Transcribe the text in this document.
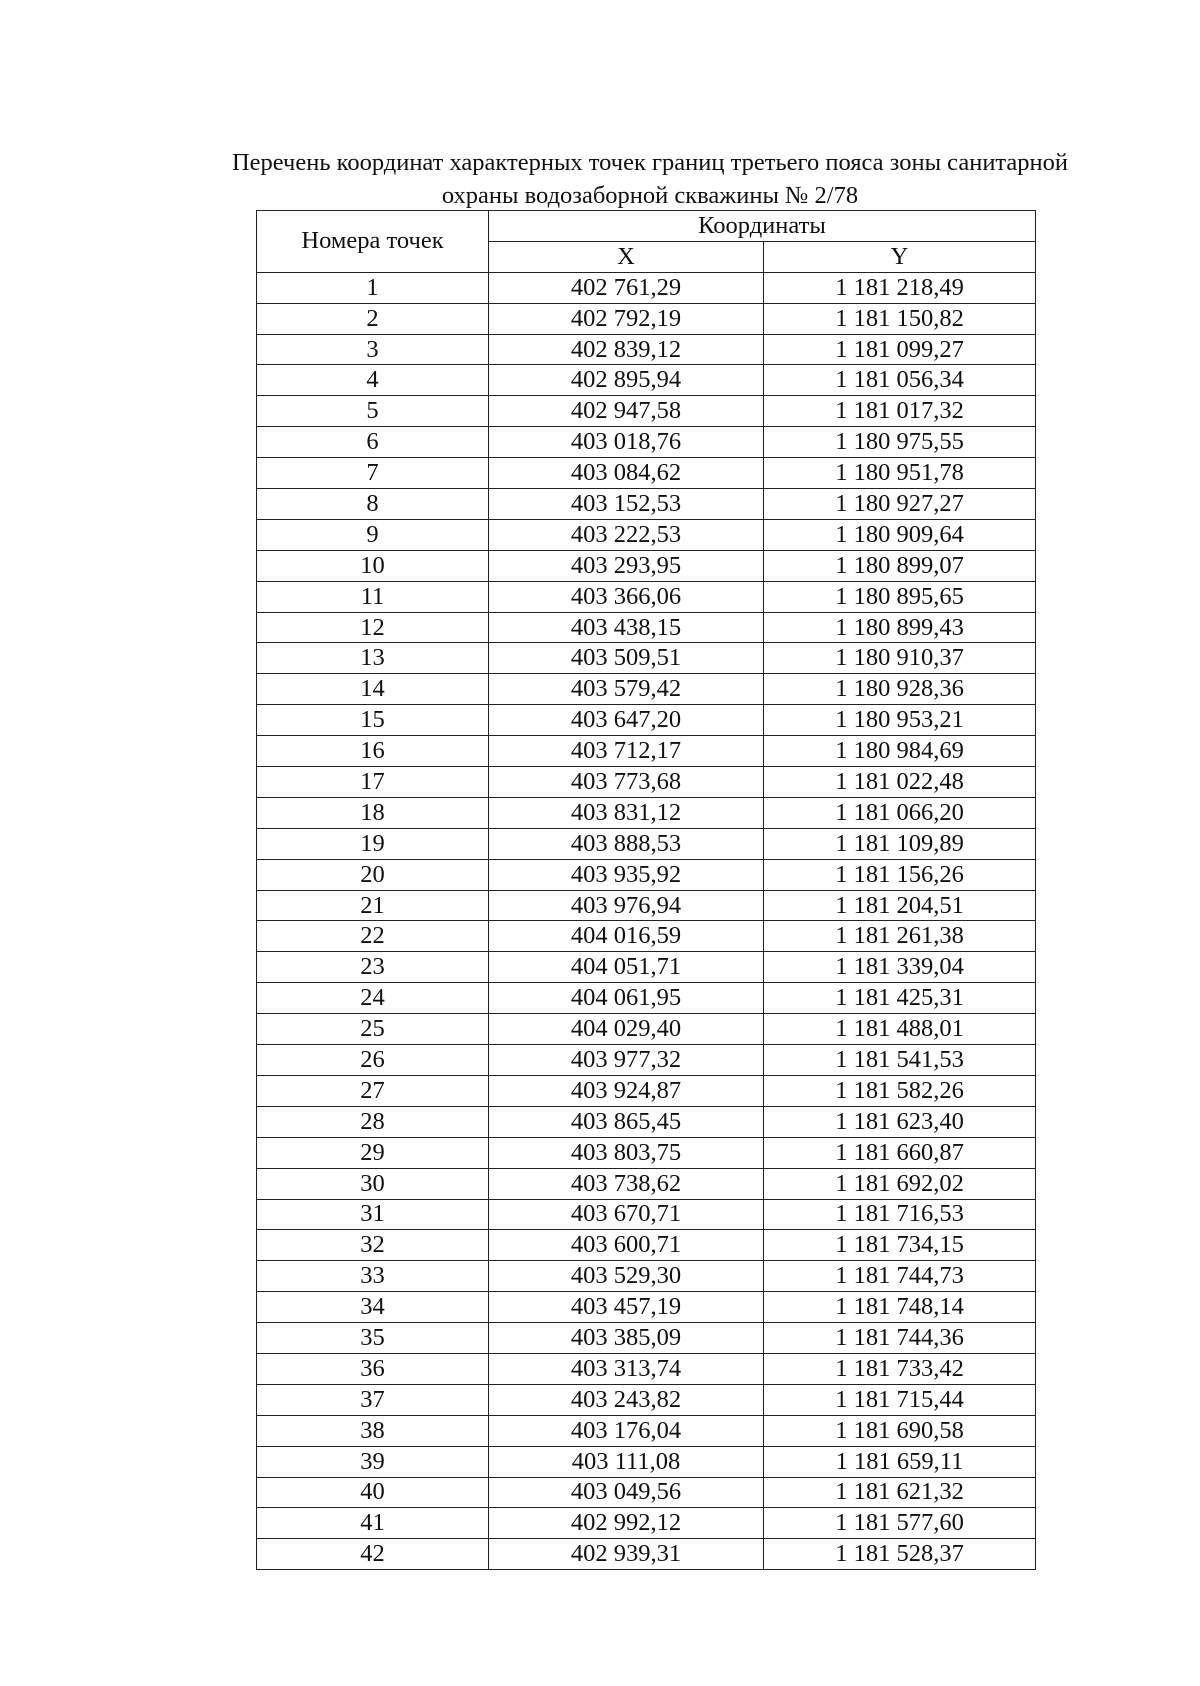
Перечень координат характерных точек границ третьего пояса зоны санитарной
охраны водозаборной скважины № 2/78
Номера точек	Координаты	
	X	Y
1	402 761,29	1 181 218,49
2	402 792,19	1 181 150,82
3	402 839,12	1 181 099,27
4	402 895,94	1 181 056,34
5	402 947,58	1 181 017,32
6	403 018,76	1 180 975,55
7	403 084,62	1 180 951,78
8	403 152,53	1 180 927,27
9	403 222,53	1 180 909,64
10	403 293,95	1 180 899,07
11	403 366,06	1 180 895,65
12	403 438,15	1 180 899,43
13	403 509,51	1 180 910,37
14	403 579,42	1 180 928,36
15	403 647,20	1 180 953,21
16	403 712,17	1 180 984,69
17	403 773,68	1 181 022,48
18	403 831,12	1 181 066,20
19	403 888,53	1 181 109,89
20	403 935,92	1 181 156,26
21	403 976,94	1 181 204,51
22	404 016,59	1 181 261,38
23	404 051,71	1 181 339,04
24	404 061,95	1 181 425,31
25	404 029,40	1 181 488,01
26	403 977,32	1 181 541,53
27	403 924,87	1 181 582,26
28	403 865,45	1 181 623,40
29	403 803,75	1 181 660,87
30	403 738,62	1 181 692,02
31	403 670,71	1 181 716,53
32	403 600,71	1 181 734,15
33	403 529,30	1 181 744,73
34	403 457,19	1 181 748,14
35	403 385,09	1 181 744,36
36	403 313,74	1 181 733,42
37	403 243,82	1 181 715,44
38	403 176,04	1 181 690,58
39	403 111,08	1 181 659,11
40	403 049,56	1 181 621,32
41	402 992,12	1 181 577,60
42	402 939,31	1 181 528,37
